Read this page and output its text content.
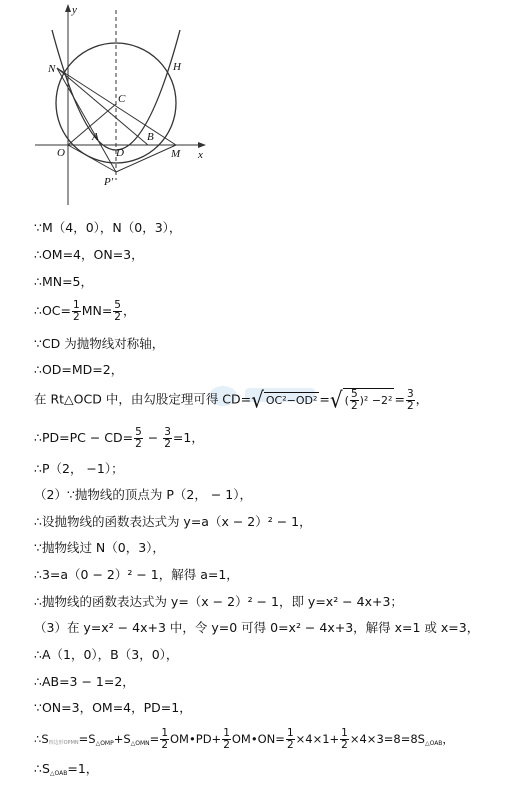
y
x
N	H
C
A	B
O	D	M
P'
∵M（4，0），N（0，3），
∴OM=4，ON=3，
∴MN=5，
∴OC= $\frac{1}{2} MN= \frac{5}{2}$ ，
∵CD 为抛物线对称轴，
∴OD=MD=2，
在 Rt△OCD 中，由勾股定理可得 CD= √ OC²−OD² = √ ( $\frac{5}{2} )^2 -2^2 = \frac{3}{2}$ ，
∴PD=PC − $CD= \frac{5}{2} - \frac{3}{2} =1$，
∴P（2， −1）；
（2）∵抛物线的顶点为 P（2， − 1），
∴设抛物线的函数表达式为 y=a（x − 2）² − 1，
∵抛物线过 N（0，3），
∴3=a（0 − 2）² − 1，解得 a=1，
∴抛物线的函数表达式为 y=（x − 2）² − 1，即 y=x² − 4x+3；
（3）在 y=x² − 4x+3 中，令 y=0 可得 0=x² − 4x+3，解得 x=1 或 x=3，
∴A（1，0），B（3，0），
∴AB=3 − 1=2，
∵ON=3，OM=4，PD=1，
∴S四边形$OPMN=S_{\triangle OMP}+S_{\triangle OMN}= \frac{1}{2}$ OM•PD+ $\frac{1}{2}$ OM•ON= $\frac{1}{2} \times 4\times 1+ \frac{1}{2} \times 4\times 3=8=8S_{\triangle OAB}$，
$\therefore S_{\triangle OAB}=1$，
